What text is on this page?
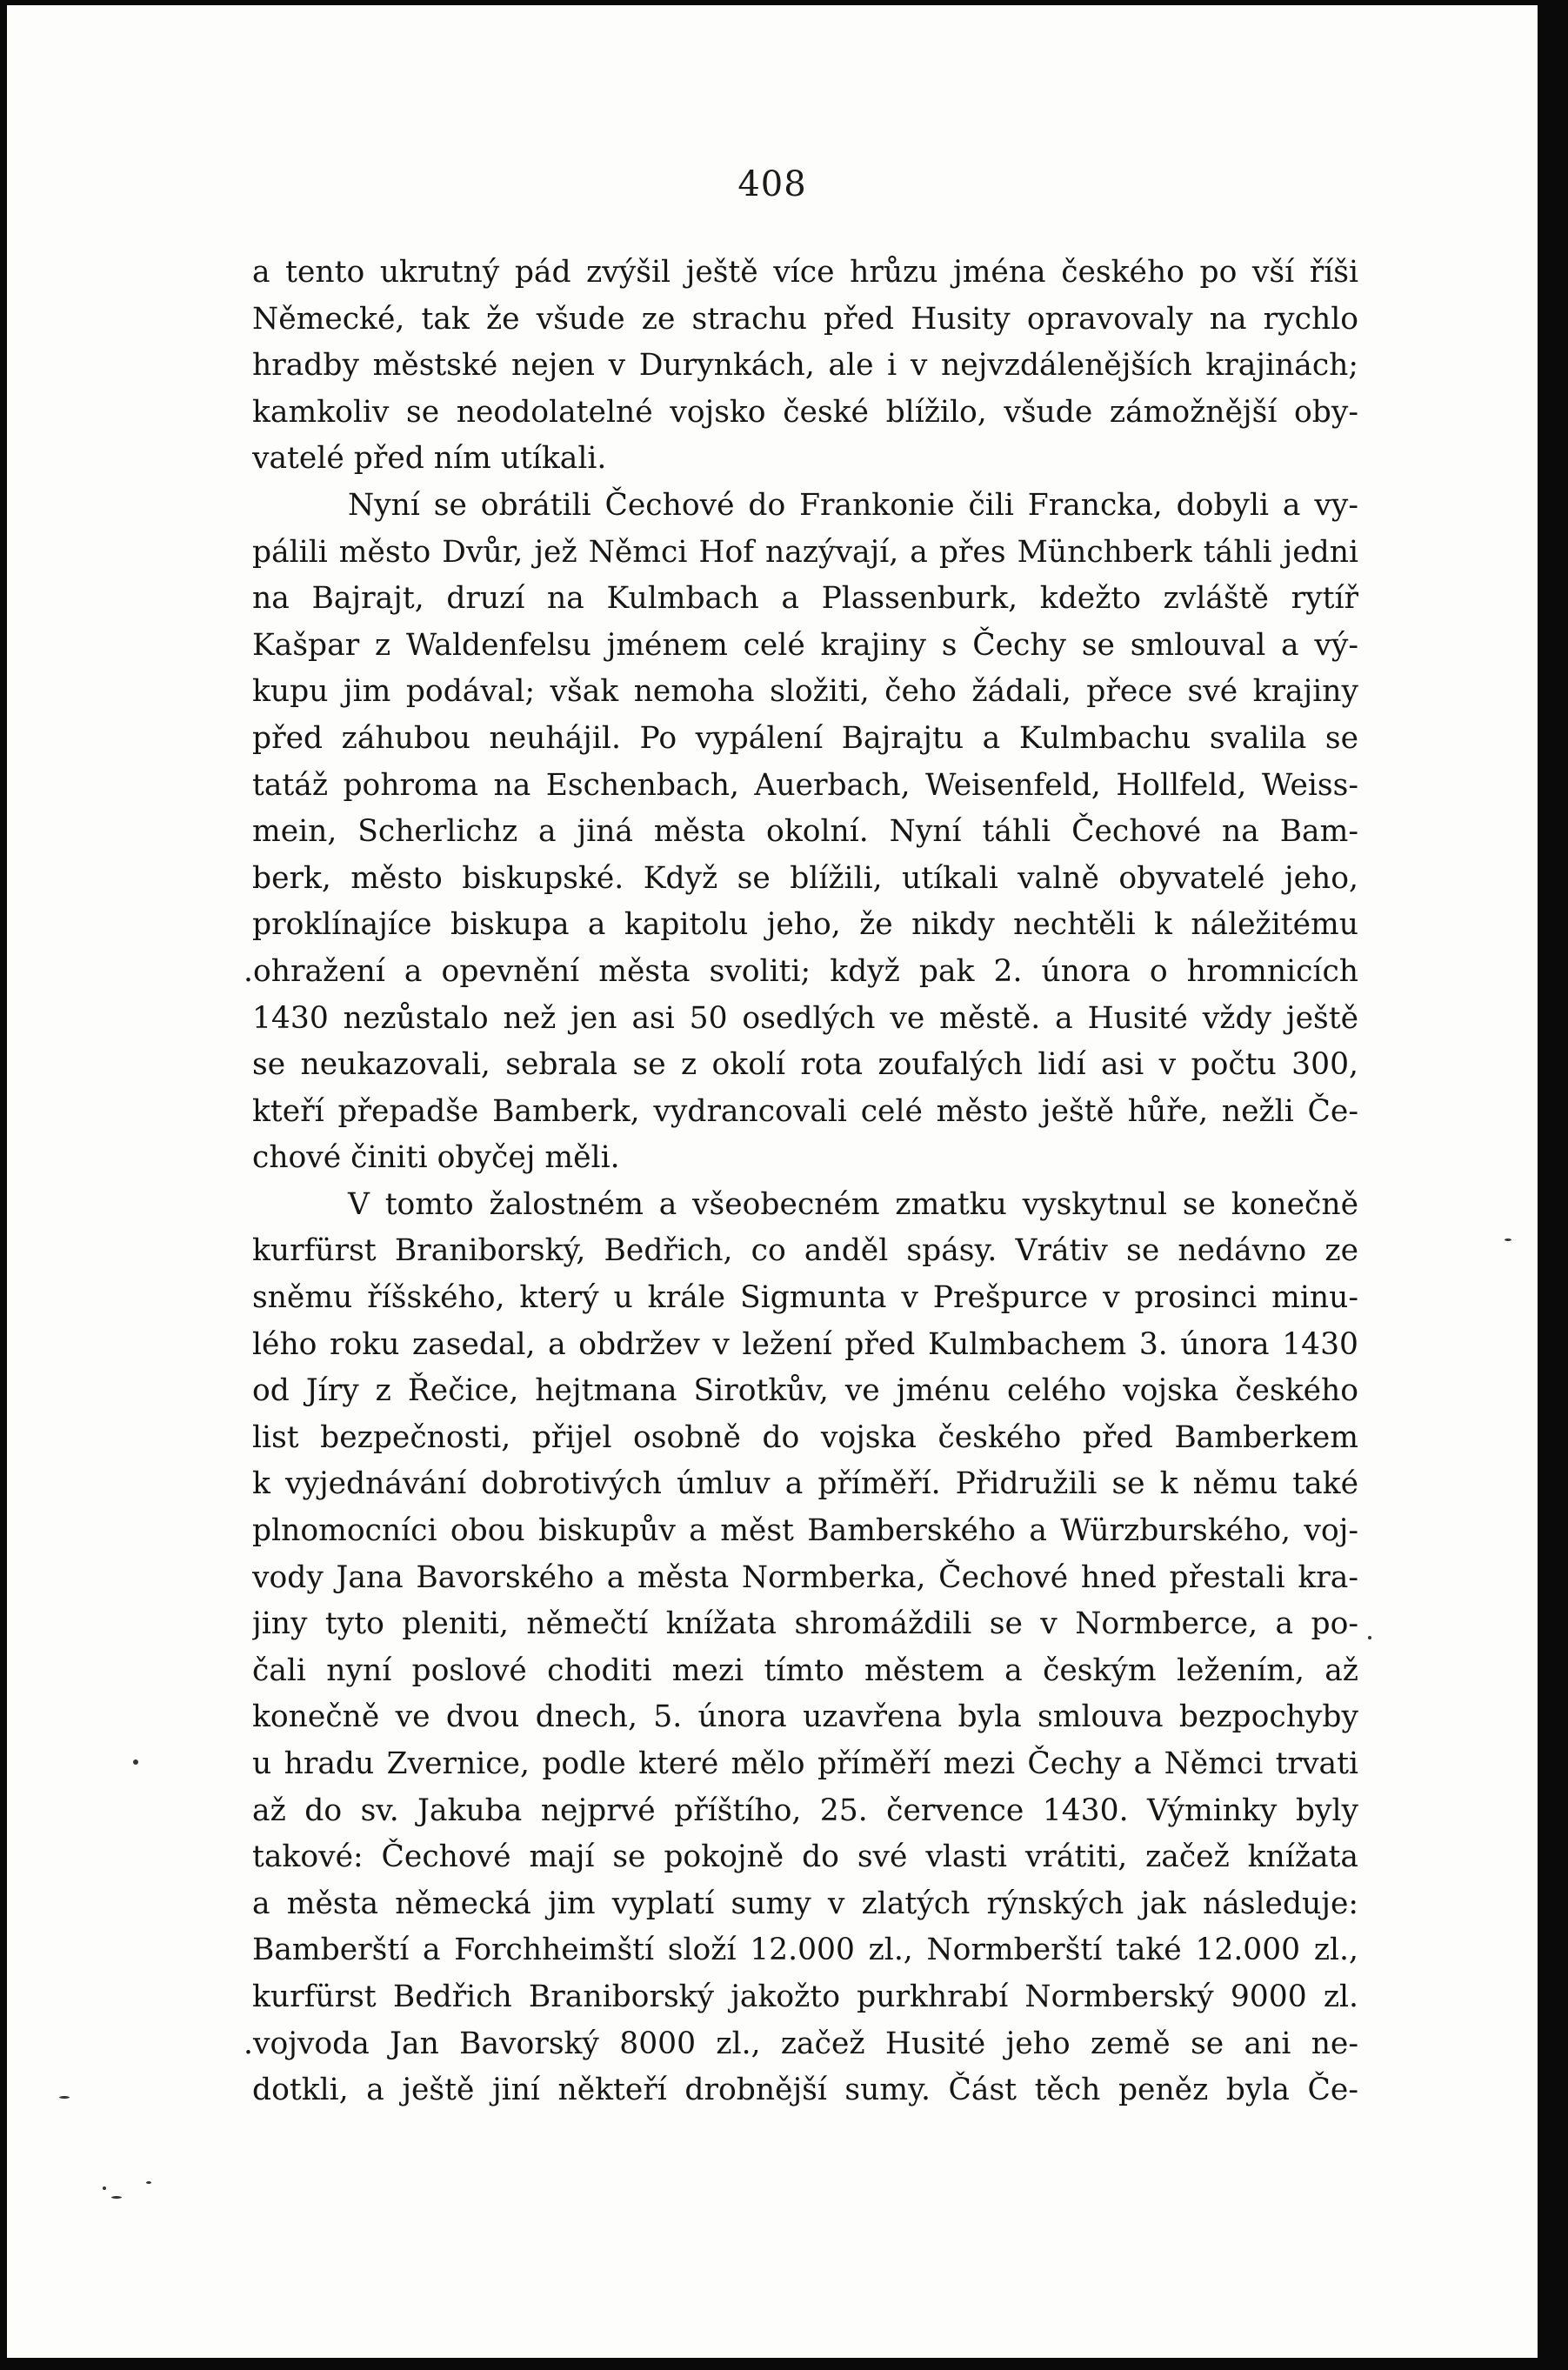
408
a tento ukrutný pád zvýšil ještě více hrůzu jména českého po vší říši
Německé, tak že všude ze strachu před Husity opravovaly na rychlo
hradby městské nejen v Durynkách, ale i v nejvzdálenějších krajinách;
kamkoliv se neodolatelné vojsko české blížilo, všude zámožnější oby-
vatelé před ním utíkali.
Nyní se obrátili Čechové do Frankonie čili Francka, dobyli a vy-
pálili město Dvůr, jež Němci Hof nazývají, a přes Münchberk táhli jedni
na Bajrajt, druzí na Kulmbach a Plassenburk, kdežto zvláště rytíř
Kašpar z Waldenfelsu jménem celé krajiny s Čechy se smlouval a vý-
kupu jim podával; však nemoha složiti, čeho žádali, přece své krajiny
před záhubou neuhájil. Po vypálení Bajrajtu a Kulmbachu svalila se
tatáž pohroma na Eschenbach, Auerbach, Weisenfeld, Hollfeld, Weiss-
mein, Scherlichz a jiná města okolní. Nyní táhli Čechové na Bam-
berk, město biskupské. Když se blížili, utíkali valně obyvatelé jeho,
proklínajíce biskupa a kapitolu jeho, že nikdy nechtěli k náležitému
.ohražení a opevnění města svoliti; když pak 2. února o hromnicích
1430 nezůstalo než jen asi 50 osedlých ve městě. a Husité vždy ještě
se neukazovali, sebrala se z okolí rota zoufalých lidí asi v počtu 300,
kteří přepadše Bamberk, vydrancovali celé město ještě hůře, nežli Če-
chové činiti obyčej měli.
V tomto žalostném a všeobecném zmatku vyskytnul se konečně
kurfürst Braniborský, Bedřich, co anděl spásy. Vrátiv se nedávno ze
sněmu říšského, který u krále Sigmunta v Prešpurce v prosinci minu-
lého roku zasedal, a obdržev v ležení před Kulmbachem 3. února 1430
od Jíry z Řečice, hejtmana Sirotkův, ve jménu celého vojska českého
list bezpečnosti, přijel osobně do vojska českého před Bamberkem
k vyjednávání dobrotivých úmluv a příměří. Přidružili se k němu také
plnomocníci obou biskupův a měst Bamberského a Würzburského, voj-
vody Jana Bavorského a města Normberka, Čechové hned přestali kra-
jiny tyto pleniti, němečtí knížata shromáždili se v Normberce, a po-
čali nyní poslové choditi mezi tímto městem a českým ležením, až
konečně ve dvou dnech, 5. února uzavřena byla smlouva bezpochyby
u hradu Zvernice, podle které mělo příměří mezi Čechy a Němci trvati
až do sv. Jakuba nejprvé příštího, 25. července 1430. Výminky byly
takové: Čechové mají se pokojně do své vlasti vrátiti, začež knížata
a města německá jim vyplatí sumy v zlatých rýnských jak následuje:
Bamberští a Forchheimští složí 12.000 zl., Normberští také 12.000 zl.,
kurfürst Bedřich Braniborský jakožto purkhrabí Normberský 9000 zl.
.vojvoda Jan Bavorský 8000 zl., začež Husité jeho země se ani ne-
dotkli, a ještě jiní někteří drobnější sumy. Část těch peněz byla Če-
